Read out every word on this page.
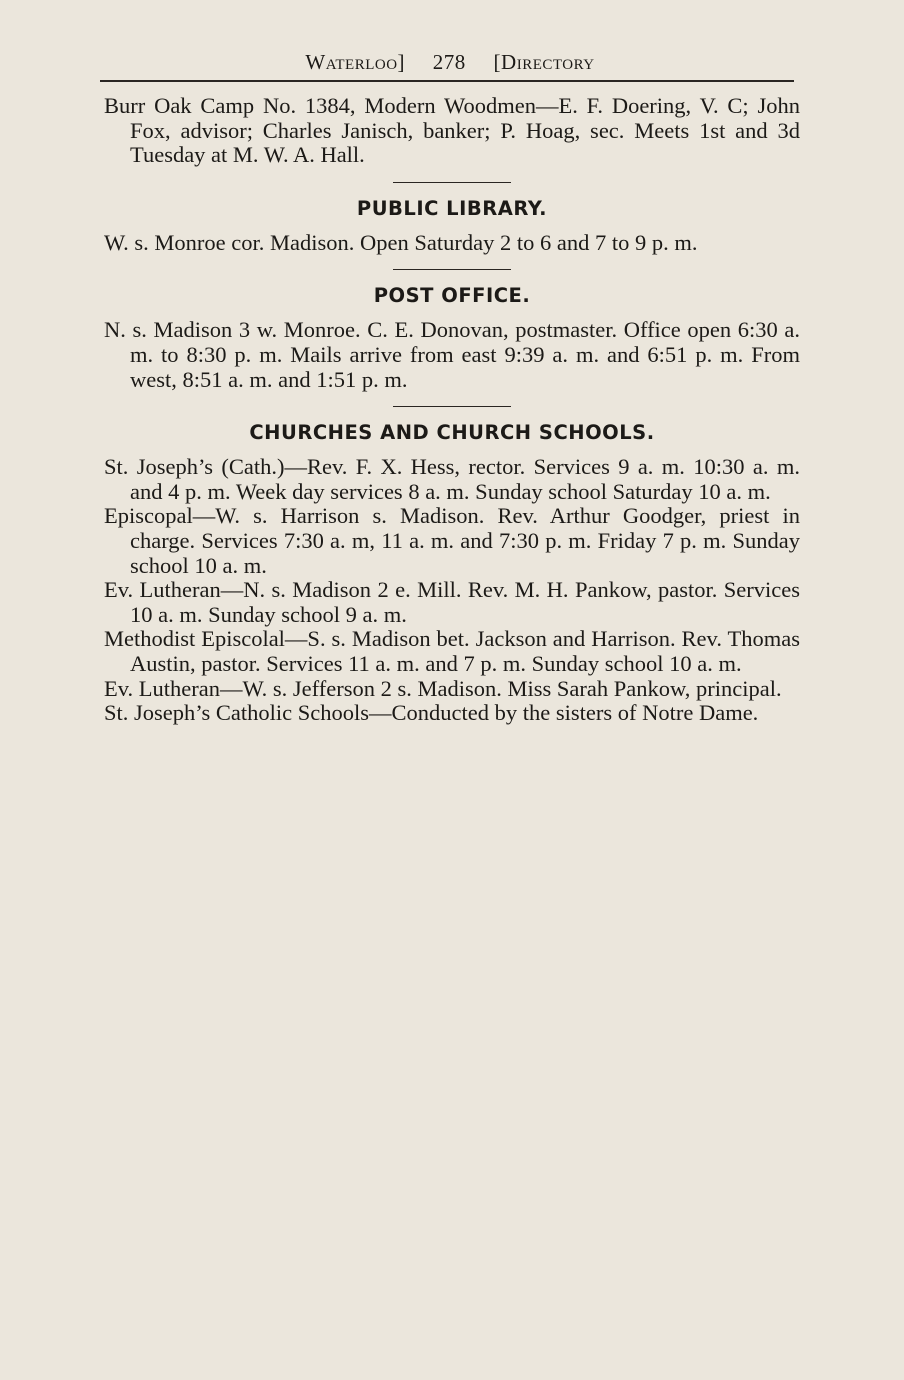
Waterloo] 278 [Directory

Burr Oak Camp No. 1384, Modern Woodmen—E. F. Doering, V. C; John Fox, advisor; Charles Janisch, banker; P. Hoag, sec. Meets 1st and 3d Tuesday at M. W. A. Hall.

PUBLIC LIBRARY.

W. s. Monroe cor. Madison. Open Saturday 2 to 6 and 7 to 9 p. m.

POST OFFICE.

N. s. Madison 3 w. Monroe. C. E. Donovan, postmaster. Office open 6:30 a. m. to 8:30 p. m. Mails arrive from east 9:39 a. m. and 6:51 p. m. From west, 8:51 a. m. and 1:51 p. m.

CHURCHES AND CHURCH SCHOOLS.

St. Joseph’s (Cath.)—Rev. F. X. Hess, rector. Services 9 a. m. 10:30 a. m. and 4 p. m. Week day services 8 a. m. Sunday school Saturday 10 a. m.

Episcopal—W. s. Harrison s. Madison. Rev. Arthur Goodger, priest in charge. Services 7:30 a. m, 11 a. m. and 7:30 p. m. Friday 7 p. m. Sunday school 10 a. m.

Ev. Lutheran—N. s. Madison 2 e. Mill. Rev. M. H. Pankow, pastor. Services 10 a. m. Sunday school 9 a. m.

Methodist Episcolal—S. s. Madison bet. Jackson and Harrison. Rev. Thomas Austin, pastor. Services 11 a. m. and 7 p. m. Sunday school 10 a. m.

Ev. Lutheran—W. s. Jefferson 2 s. Madison. Miss Sarah Pankow, principal.

St. Joseph’s Catholic Schools—Conducted by the sisters of Notre Dame.
